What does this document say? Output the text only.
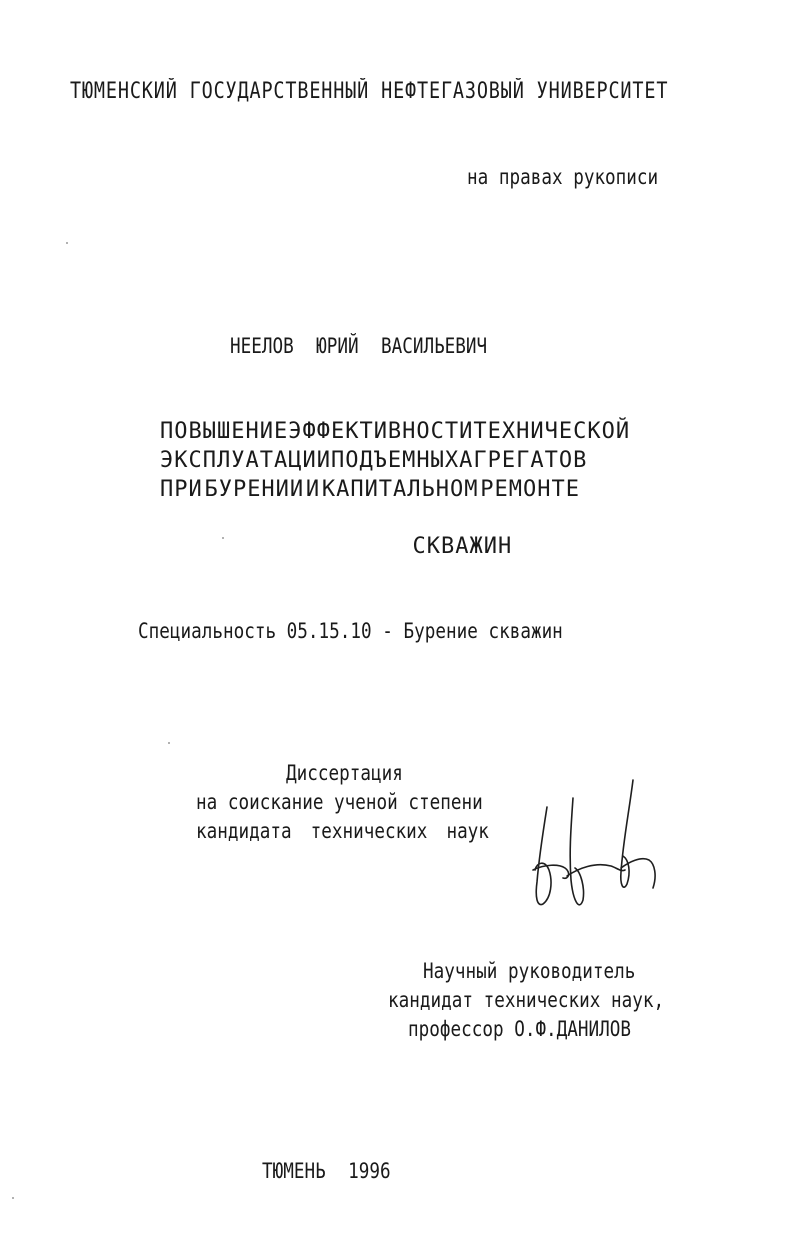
ТЮМЕНСКИЙ ГОСУДАРСТВЕННЫЙ НЕФТЕГАЗОВЫЙ УНИВЕРСИТЕТ

на правах рукописи

НЕЕЛОВ ЮРИЙ ВАСИЛЬЕВИЧ

ПОВЫШЕНИЕ ЭФФЕКТИВНОСТИ ТЕХНИЧЕСКОЙ
ЭКСПЛУАТАЦИИ ПОДЪЕМНЫХ АГРЕГАТОВ
ПРИ БУРЕНИИ И КАПИТАЛЬНОМ РЕМОНТЕ

СКВАЖИН

Специальность 05.15.10 - Бурение скважин

Диссертация

на соискание ученой степени

кандидата технических наук

Научный руководитель

кандидат технических наук,

профессор О.Ф.ДАНИЛОВ

ТЮМЕНЬ 1996
